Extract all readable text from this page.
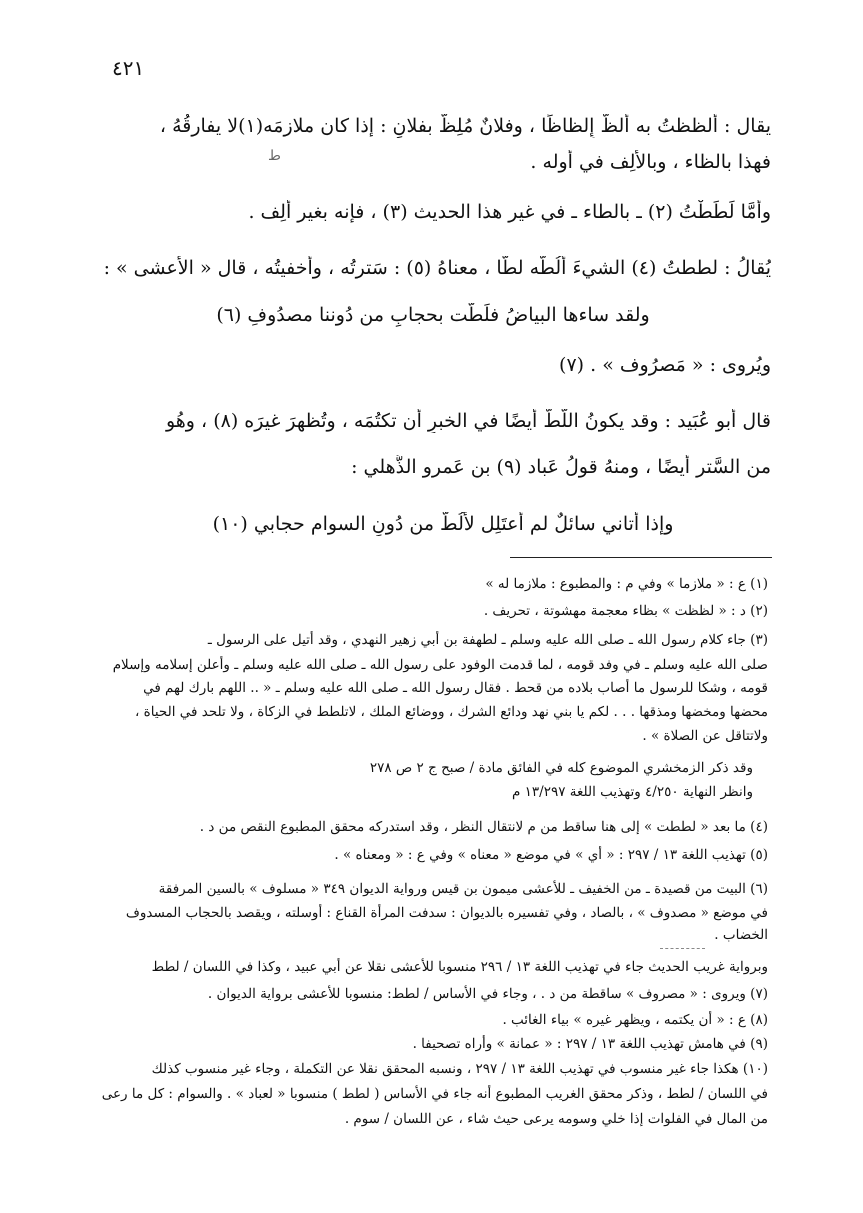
٤٢١
ﻁ
يقال : أَلظظتُ به أَلظُّ إِلظاظًا ، وفلانٌ مُلِظٌّ بفلانٍ : إذا كان ملازمَه(١)لا يفارقُهُ ،
فهذا بالظاء ، وبالألِف في أوله .
وأمَّا لَطَطْتُ (٢) ـ بالطاء ـ في غير هذا الحديث (٣) ، فإنه بغير أَلِف .
يُقالُ : لططتُ (٤) الشيءَ أَلُطُّه لطًّا ، معناهُ (٥) : سَترتُه ، وأَخفيتُه ، قال « الأعشى » :
ولقد ساءها البياضُ فلَطَّت بحجابٍ من دُوننا مصدُوفِ (٦)
ويُروى : « مَصرُوف » . (٧)
قال أبو عُبَيد : وقد يكونُ اللَّطُّ أيضًا في الخبرِ أن تكتُمَه ، وتُظهرَ غيرَه (٨) ، وهُو
من السَّتر أيضًا ، ومنهُ قولُ عَباد (٩) بن عَمرو الذُّهلي :
وإذا أتاني سائلٌ لم أَعتَلِل لأَلُطَّ من دُونِ السوامِ حجابي (١٠)
(١) ع : « ملازما » وفي م : والمطبوع : ملازما له »
(٢) د : « لظظت » بظاء معجمة مهشوتة ، تحريف .
(٣) جاء كلام رسول الله ـ صلى الله عليه وسلم ـ لطهفة بن أبي زهير النهدي ، وقد أتيل على الرسول ـ
صلى الله عليه وسلم ـ في وفد قومه ، لما قدمت الوفود على رسول الله ـ صلى الله عليه وسلم ـ وأعلن إسلامه وإسلام
قومه ، وشكا للرسول ما أصاب بلاده من قحط . فقال رسول الله ـ صلى الله عليه وسلم ـ « .. اللهم بارك لهم في
محضها ومخضها ومذقها . . . لكم يا بني نهد ودائع الشرك ، ووضائع الملك ، لاتلطط في الزكاة ، ولا تلحد في الحياة ،
ولاتتاقل عن الصلاة » .
وقد ذكر الزمخشري الموضوع كله في الفائق مادة / صبح ج ٢ ص ٢٧٨
وانظر النهاية ٤/٢٥٠ وتهذيب اللغة ١٣/٢٩٧ م
(٤) ما بعد « لططت » إلى هنا ساقط من م لانتقال النظر ، وقد استدركه محقق المطبوع النقص من د .
(٥) تهذيب اللغة ١٣ / ٢٩٧ : « أي » في موضع « معناه » وفي ع : « ومعناه » .
(٦) البيت من قصيدة ـ من الخفيف ـ للأعشى ميمون بن قيس ورواية الديوان ٣٤٩ « مسلوف » بالسين المرفقة
في موضع « مصدوف » ، بالصاد ، وفي تفسيره بالديوان : سدفت المرأة القناع : أوسلته ، ويقصد بالحجاب المسدوف
الخضاب .
وبرواية غريب الحديث جاء في تهذيب اللغة ١٣ / ٢٩٦ منسوبا للأعشى نقلا عن أبي عبيد ، وكذا في اللسان / لطط
(٧) ويروى : « مصروف » ساقطة من د . ، وجاء في الأساس / لطط: منسوبا للأعشى برواية الديوان .
(٨) ع : « أن يكتمه ، ويظهر غيره » بياء الغائب .
(٩) في هامش تهذيب اللغة ١٣ / ٢٩٧ : « عمانة » وأراه تصحيفا .
(١٠) هكذا جاء غير منسوب في تهذيب اللغة ١٣ / ٢٩٧ ، ونسبه المحقق نقلا عن التكملة ، وجاء غير منسوب كذلك
في اللسان / لطط ، وذكر محقق الغريب المطبوع أنه جاء في الأساس ( لطط ) منسوبا « لعباد » . والسوام : كل ما رعى
من المال في الفلوات إذا خلي وسومه يرعى حيث شاء ، عن اللسان / سوم .
